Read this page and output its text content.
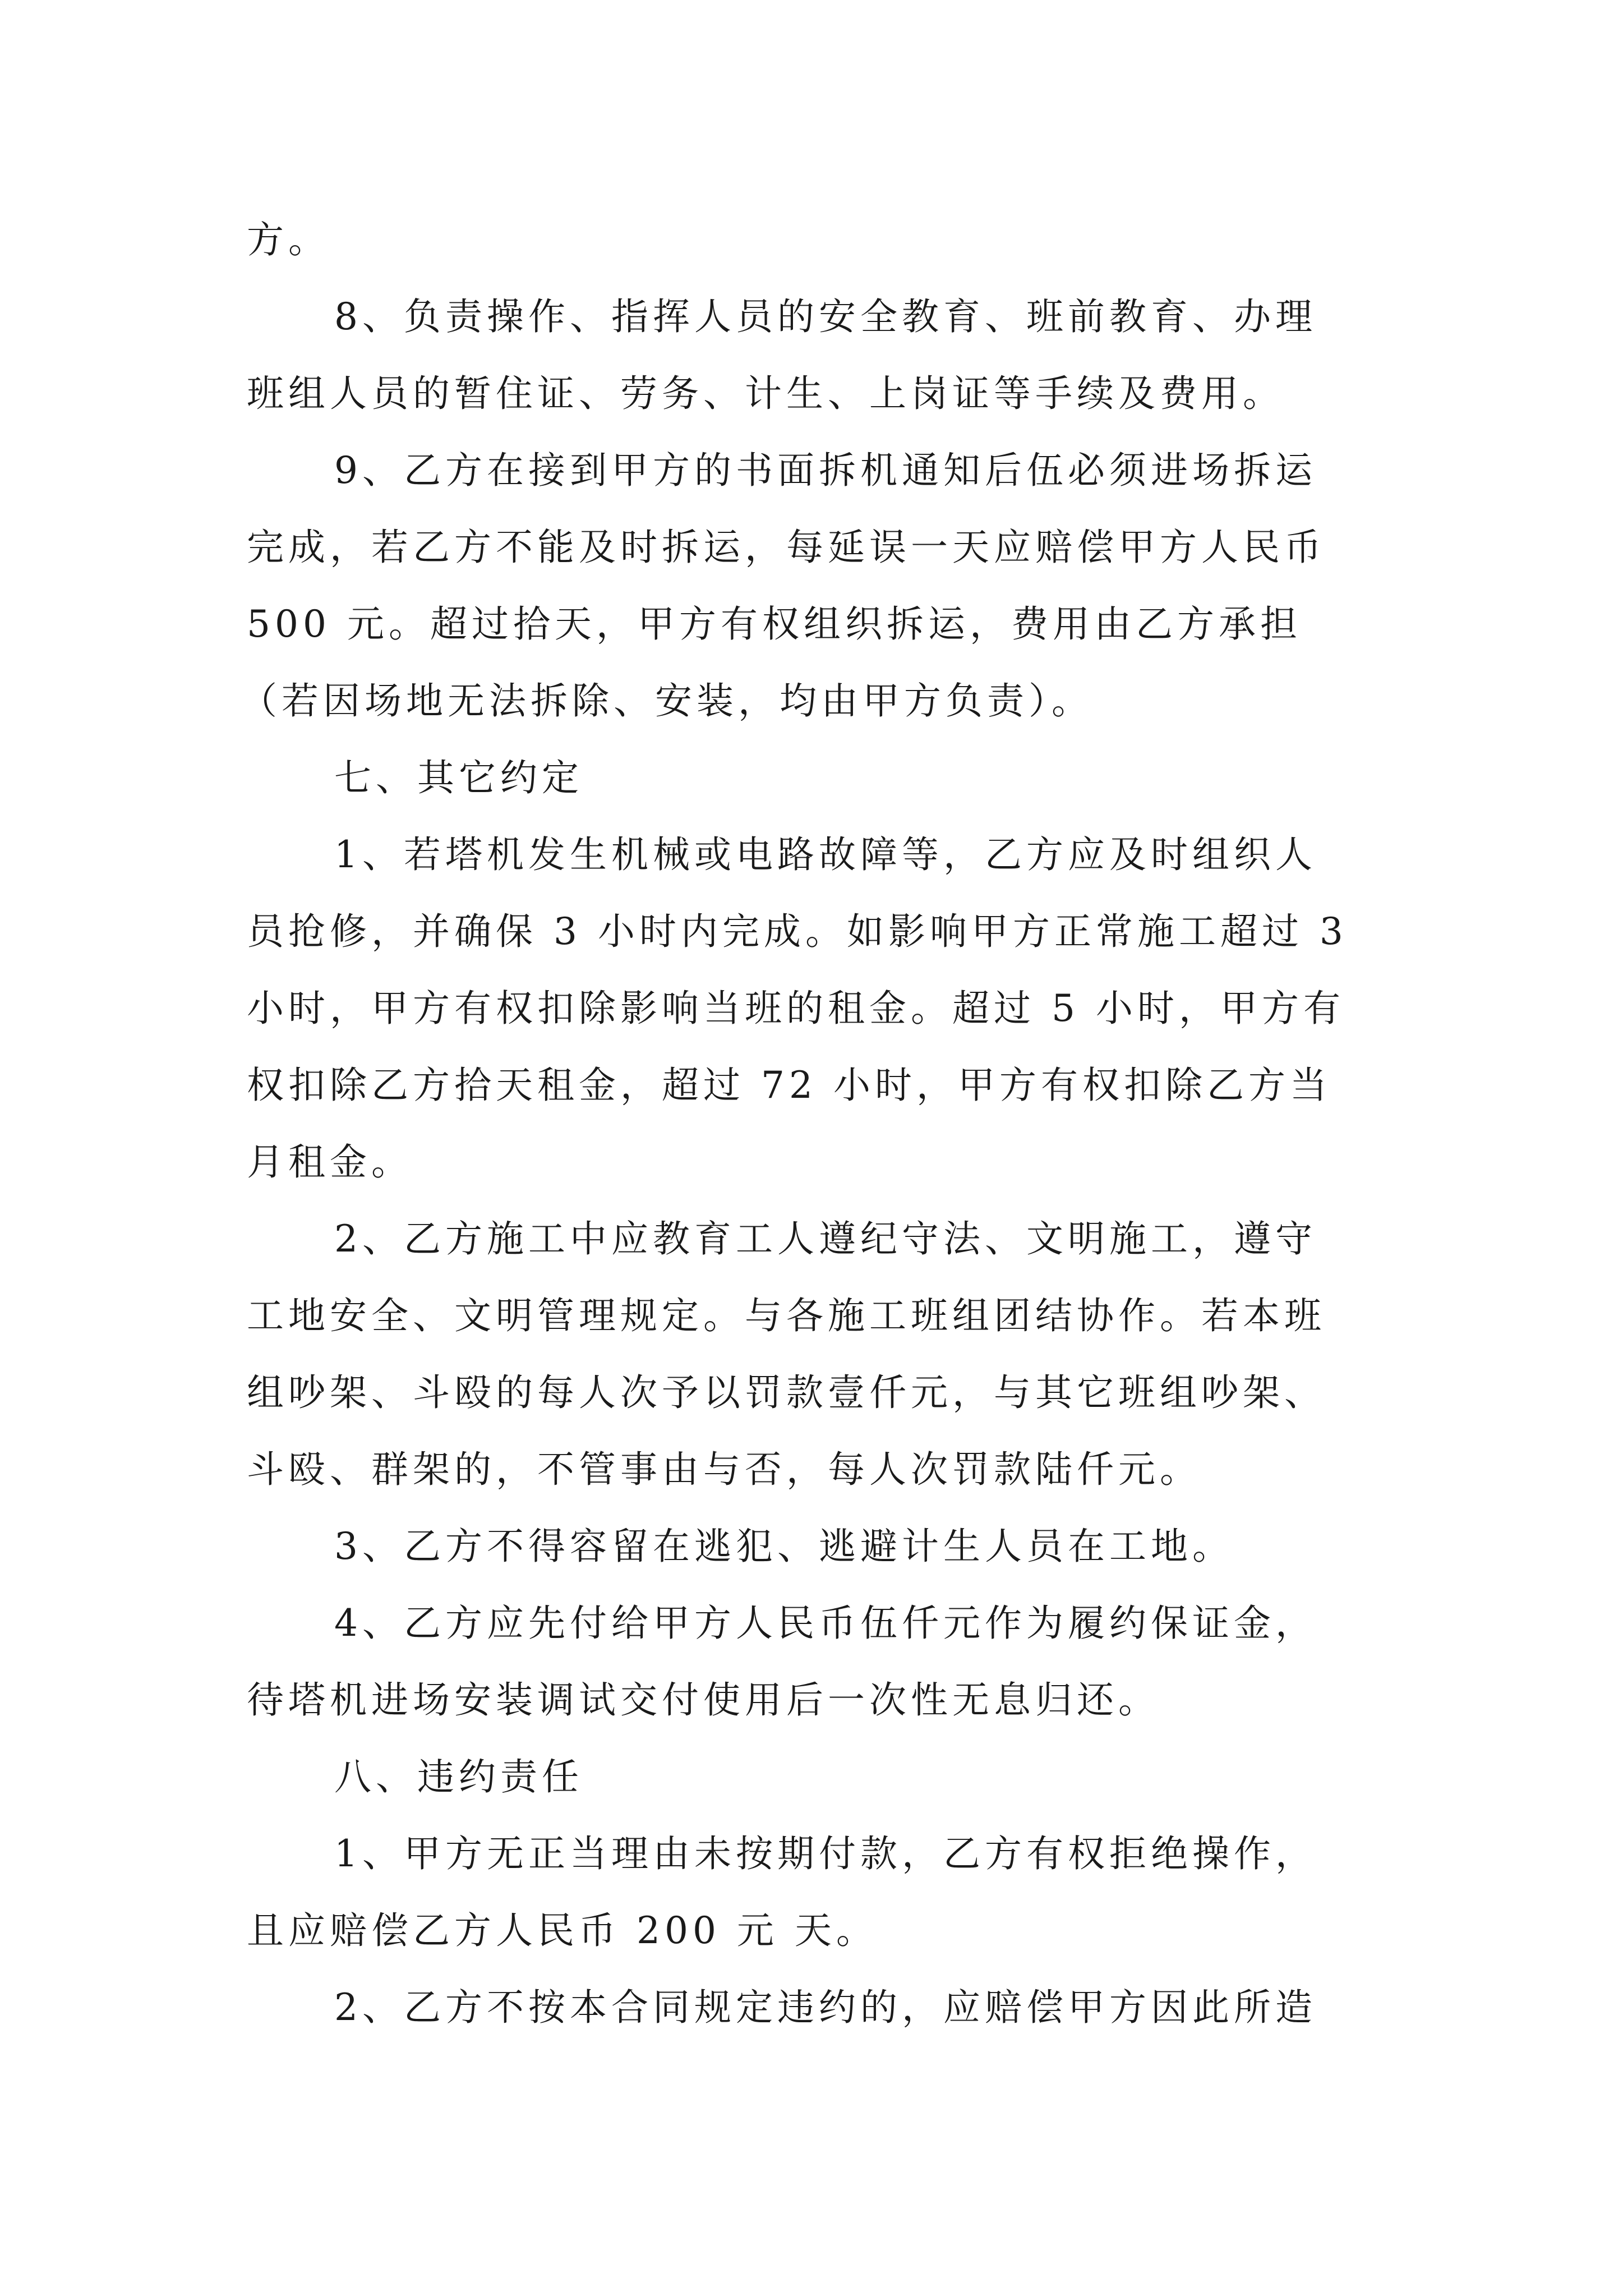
方。

8、负责操作、指挥人员的安全教育、班前教育、办理

班组人员的暂住证、劳务、计生、上岗证等手续及费用。

9、乙方在接到甲方的书面拆机通知后伍必须进场拆运

完成，若乙方不能及时拆运，每延误一天应赔偿甲方人民币

500 元。超过拾天，甲方有权组织拆运，费用由乙方承担

（若因场地无法拆除、安装，均由甲方负责）。

七、其它约定

1、若塔机发生机械或电路故障等，乙方应及时组织人

员抢修，并确保 3 小时内完成。如影响甲方正常施工超过 3

小时，甲方有权扣除影响当班的租金。超过 5 小时，甲方有

权扣除乙方拾天租金，超过 72 小时，甲方有权扣除乙方当

月租金。

2、乙方施工中应教育工人遵纪守法、文明施工，遵守

工地安全、文明管理规定。与各施工班组团结协作。若本班

组吵架、斗殴的每人次予以罚款壹仟元，与其它班组吵架、

斗殴、群架的，不管事由与否，每人次罚款陆仟元。

3、乙方不得容留在逃犯、逃避计生人员在工地。

4、乙方应先付给甲方人民币伍仟元作为履约保证金，

待塔机进场安装调试交付使用后一次性无息归还。

八、违约责任

1、甲方无正当理由未按期付款，乙方有权拒绝操作，

且应赔偿乙方人民币 200 元 天。

2、乙方不按本合同规定违约的，应赔偿甲方因此所造
